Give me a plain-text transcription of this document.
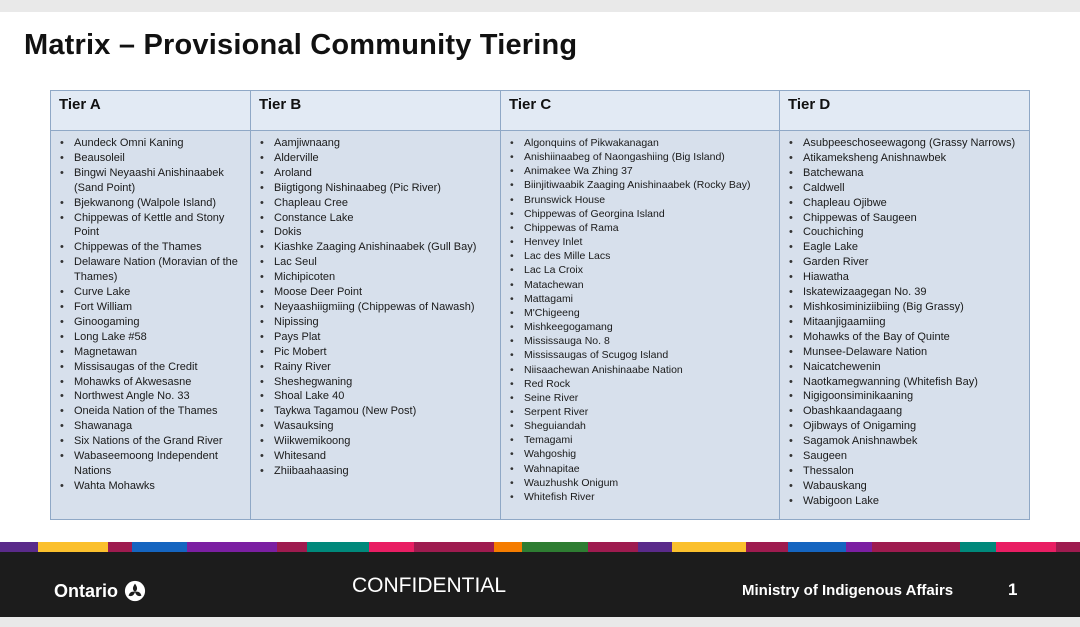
Matrix – Provisional Community Tiering
Tier A
• Aundeck Omni Kaning
• Beausoleil
• Bingwi Neyaashi Anishinaabek (Sand Point)
• Bjekwanong (Walpole Island)
• Chippewas of Kettle and Stony Point
• Chippewas of the Thames
• Delaware Nation (Moravian of the Thames)
• Curve Lake
• Fort William
• Ginoogaming
• Long Lake #58
• Magnetawan
• Missisaugas of the Credit
• Mohawks of Akwesasne
• Northwest Angle No. 33
• Oneida Nation of the Thames
• Shawanaga
• Six Nations of the Grand River
• Wabaseemoong Independent Nations
• Wahta Mohawks
Tier B
• Aamjiwnaang
• Alderville
• Aroland
• Biigtigong Nishinaabeg (Pic River)
• Chapleau Cree
• Constance Lake
• Dokis
• Kiashke Zaaging Anishinaabek (Gull Bay)
• Lac Seul
• Michipicoten
• Moose Deer Point
• Neyaashiigmiing (Chippewas of Nawash)
• Nipissing
• Pays Plat
• Pic Mobert
• Rainy River
• Sheshegwaning
• Shoal Lake 40
• Taykwa Tagamou (New Post)
• Wasauksing
• Wiikwemikoong
• Whitesand
• Zhiibaahaasing
Tier C
• Algonquins of Pikwakanagan
• Anishiinaabeg of Naongashiing (Big Island)
• Animakee Wa Zhing 37
• Biinjitiwaabik Zaaging Anishinaabek (Rocky Bay)
• Brunswick House
• Chippewas of Georgina Island
• Chippewas of Rama
• Henvey Inlet
• Lac des Mille Lacs
• Lac La Croix
• Matachewan
• Mattagami
• M'Chigeeng
• Mishkeegogamang
• Mississauga No. 8
• Mississaugas of Scugog Island
• Niisaachewan Anishinaabe Nation
• Red Rock
• Seine River
• Serpent River
• Sheguiandah
• Temagami
• Wahgoshig
• Wahnapitae
• Wauzhushk Onigum
• Whitefish River
Tier D
• Asubpeeschoseewagong (Grassy Narrows)
• Atikameksheng Anishnawbek
• Batchewana
• Caldwell
• Chapleau Ojibwe
• Chippewas of Saugeen
• Couchiching
• Eagle Lake
• Garden River
• Hiawatha
• Iskatewizaagegan No. 39
• Mishkosiminiziibiing (Big Grassy)
• Mitaanjigaamiing
• Mohawks of the Bay of Quinte
• Munsee-Delaware Nation
• Naicatchewenin
• Naotkamegwanning (Whitefish Bay)
• Nigigoonsiminikaaning
• Obashkaandagaang
• Ojibways of Onigaming
• Sagamok Anishnawbek
• Saugeen
• Thessalon
• Wabauskang
• Wabigoon Lake
Ontario	CONFIDENTIAL	Ministry of Indigenous Affairs	1
